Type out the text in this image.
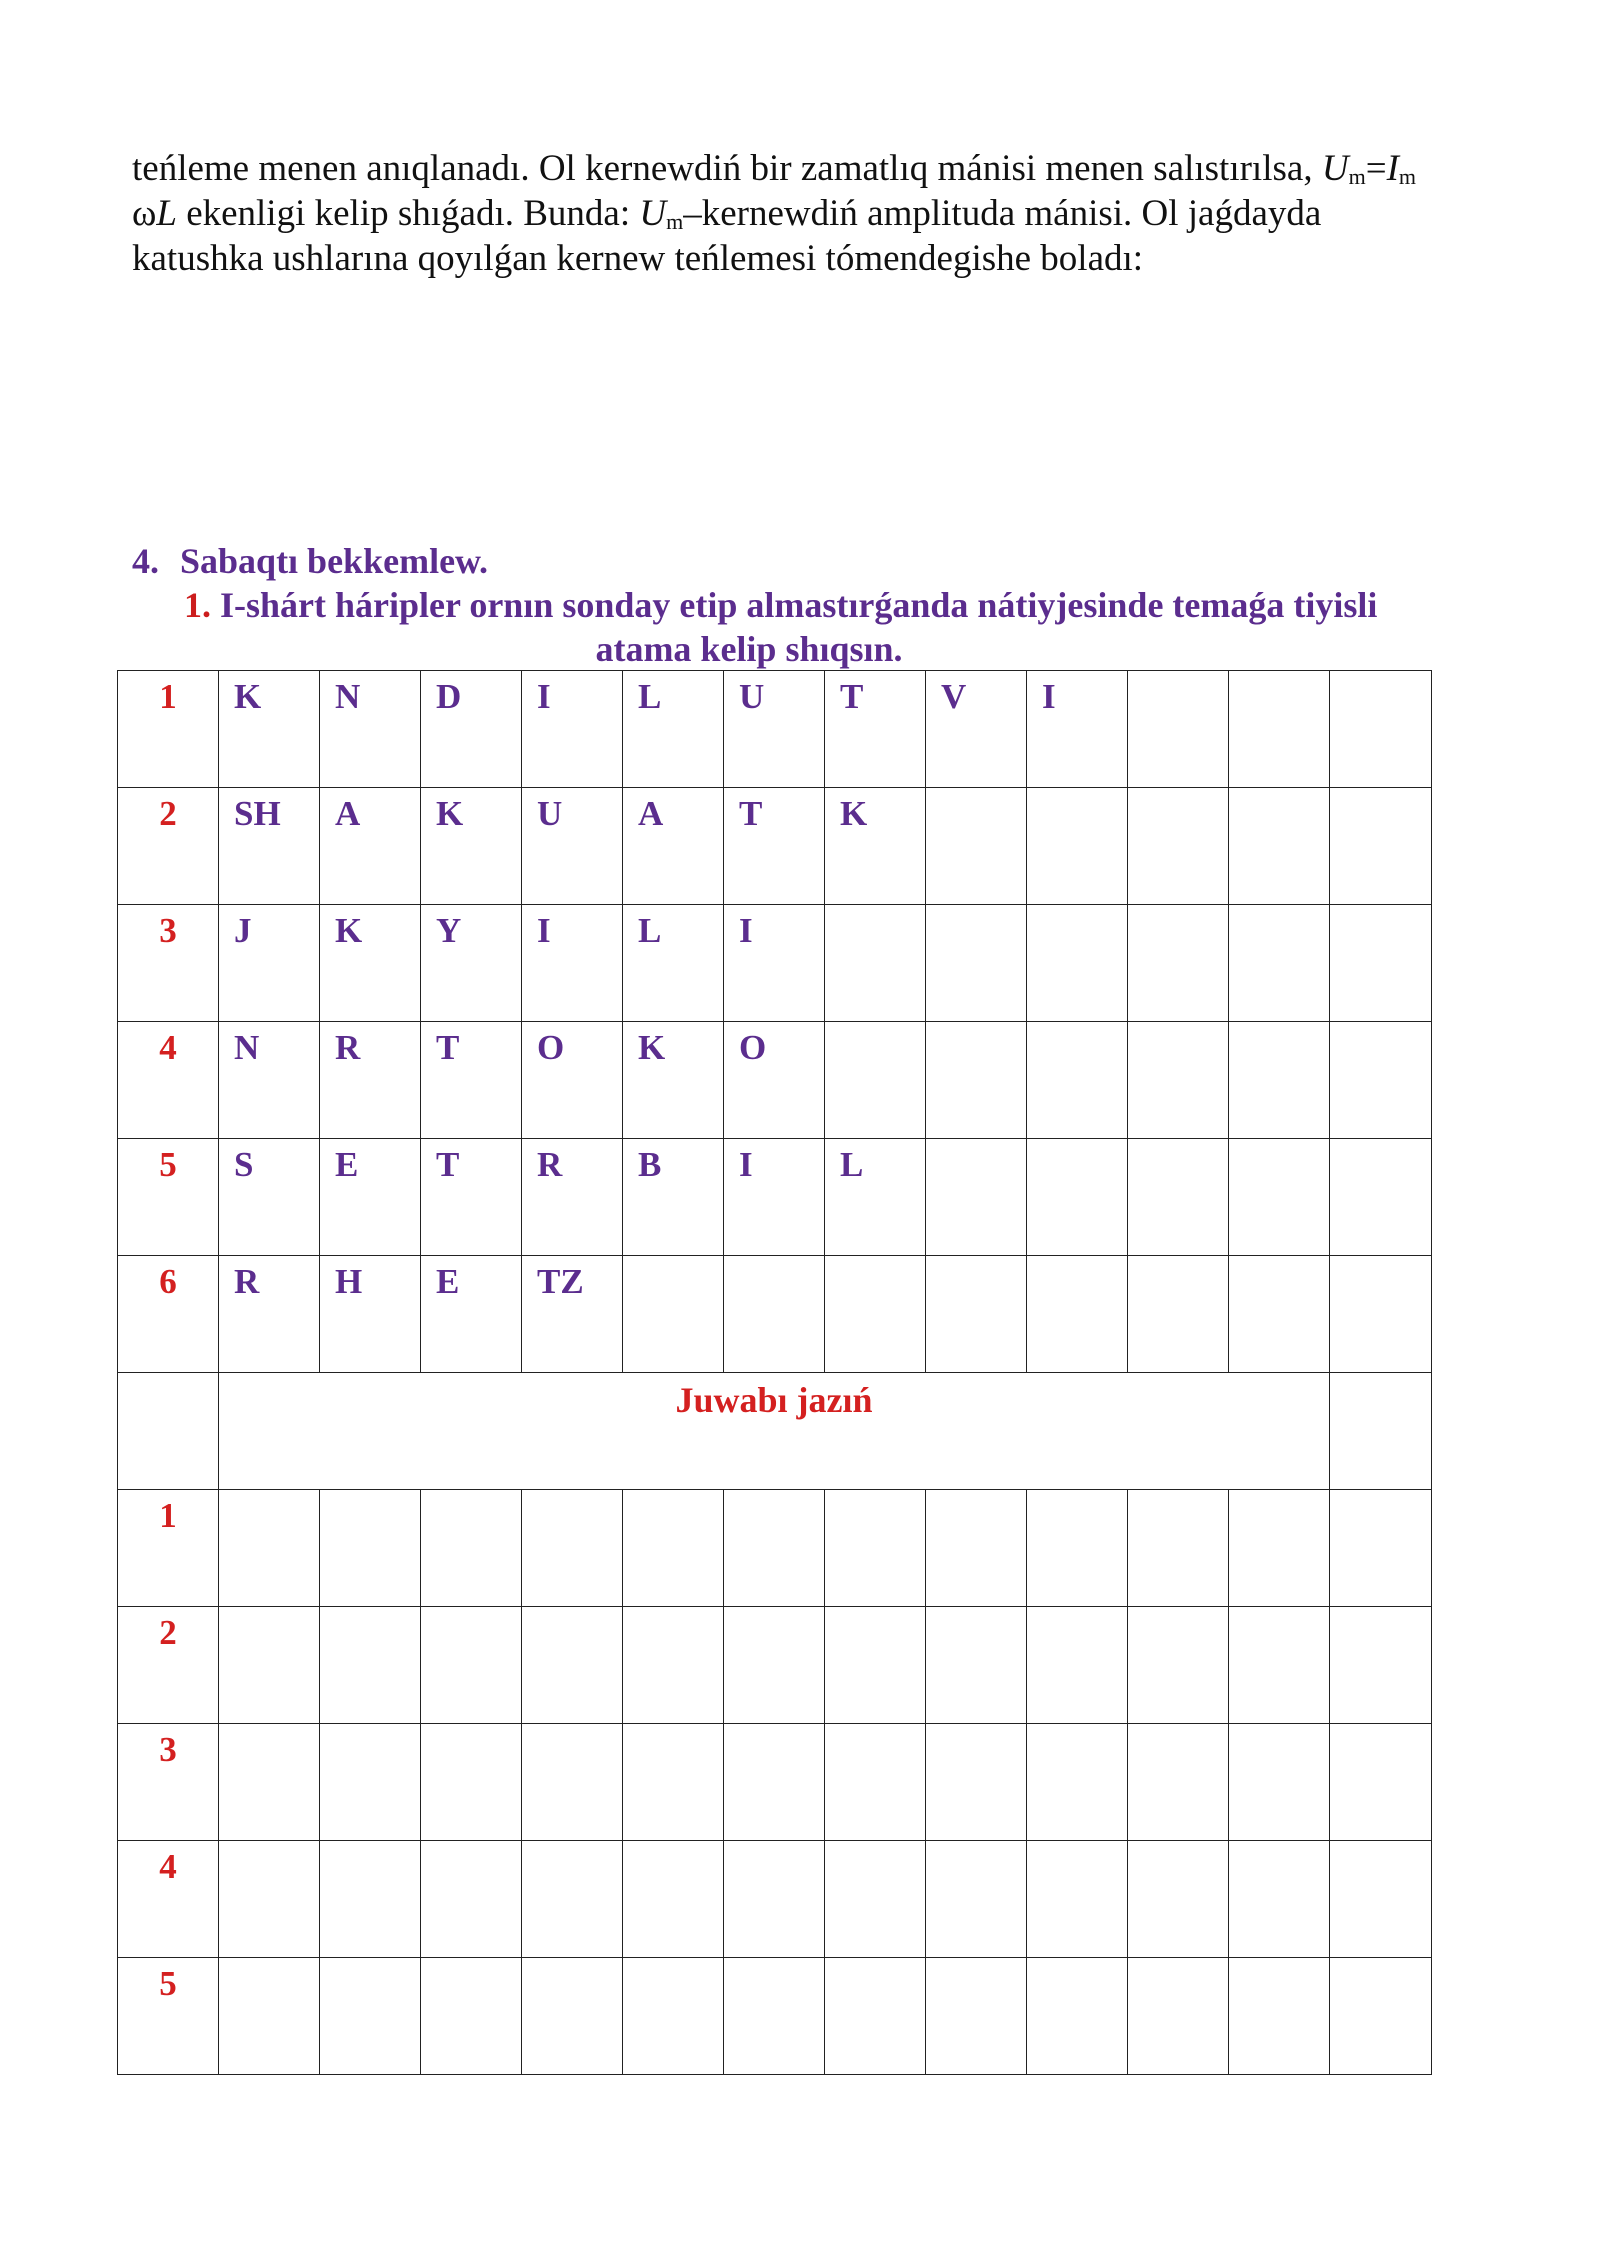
teńleme menen anıqlanadı. Ol kernewdiń bir zamatlıq mánisi menen salıstırılsa, $U_m=I_m$
ωL ekenligi kelip shıǵadı. Bunda: $U_m$–kernewdiń amplituda mánisi. Ol jaǵdayda
katushka ushlarına qoyılǵan kernew teńlemesi tómendegishe boladı:

4. Sabaqtı bekkemlew.

1. I-shárt háripler ornın sonday etip almastırǵanda nátiyjesinde temaǵa tiyisli
atama kelip shıqsın.

1	K	N	D	I	L	U	T	V	I			
2	SH	A	K	U	A	T	K					
3	J	K	Y	I	L	I						
4	N	R	T	O	K	O						
5	S	E	T	R	B	I	L					
6	R	H	E	TZ								
	Juwabı jazıń											
1												
2												
3												
4												
5												
